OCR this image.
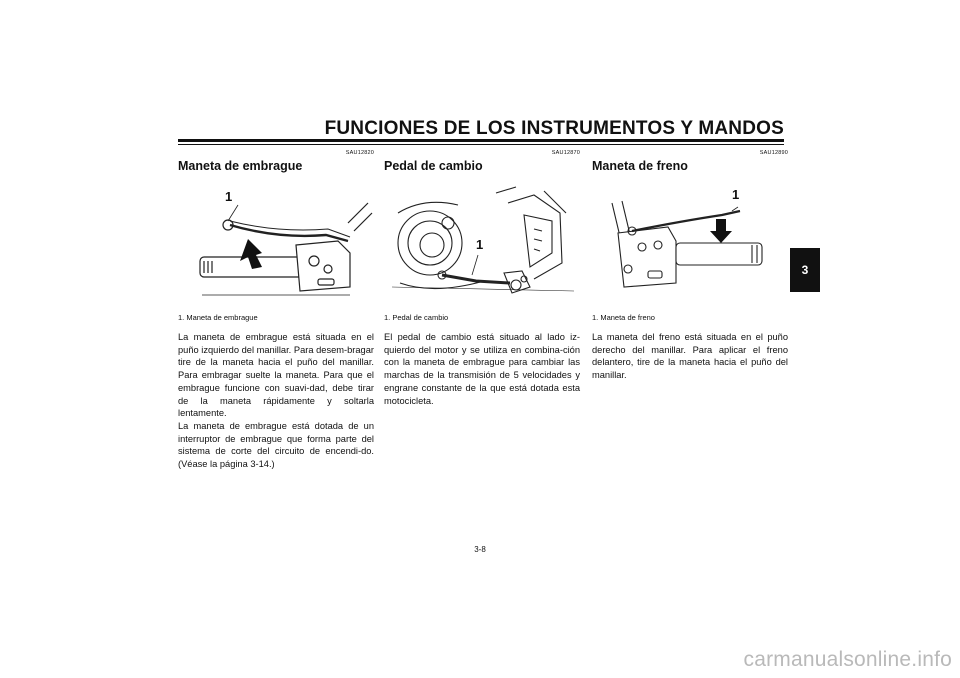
FUNCIONES DE LOS INSTRUMENTOS Y MANDOS
3
SAU12820
Maneta de embrague
1
1. Maneta de embrague

La maneta de embrague está situada en el puño izquierdo del manillar. Para desem-bragar tire de la maneta hacia el puño del manillar. Para embragar suelte la maneta. Para que el embrague funcione con suavi-dad, debe tirar de la maneta rápidamente y soltarla lentamente.

La maneta de embrague está dotada de un interruptor de embrague que forma parte del sistema de corte del circuito de encendi-do. (Véase la página 3-14.)

SAU12870
Pedal de cambio
1
1. Pedal de cambio

El pedal de cambio está situado al lado iz-quierdo del motor y se utiliza en combina-ción con la maneta de embrague para cambiar las marchas de la transmisión de 5 velocidades y engrane constante de la que está dotada esta motocicleta.

SAU12890
Maneta de freno
1
1. Maneta de freno

La maneta del freno está situada en el puño derecho del manillar. Para aplicar el freno delantero, tire de la maneta hacia el puño del manillar.

3-8
carmanualsonline.info
